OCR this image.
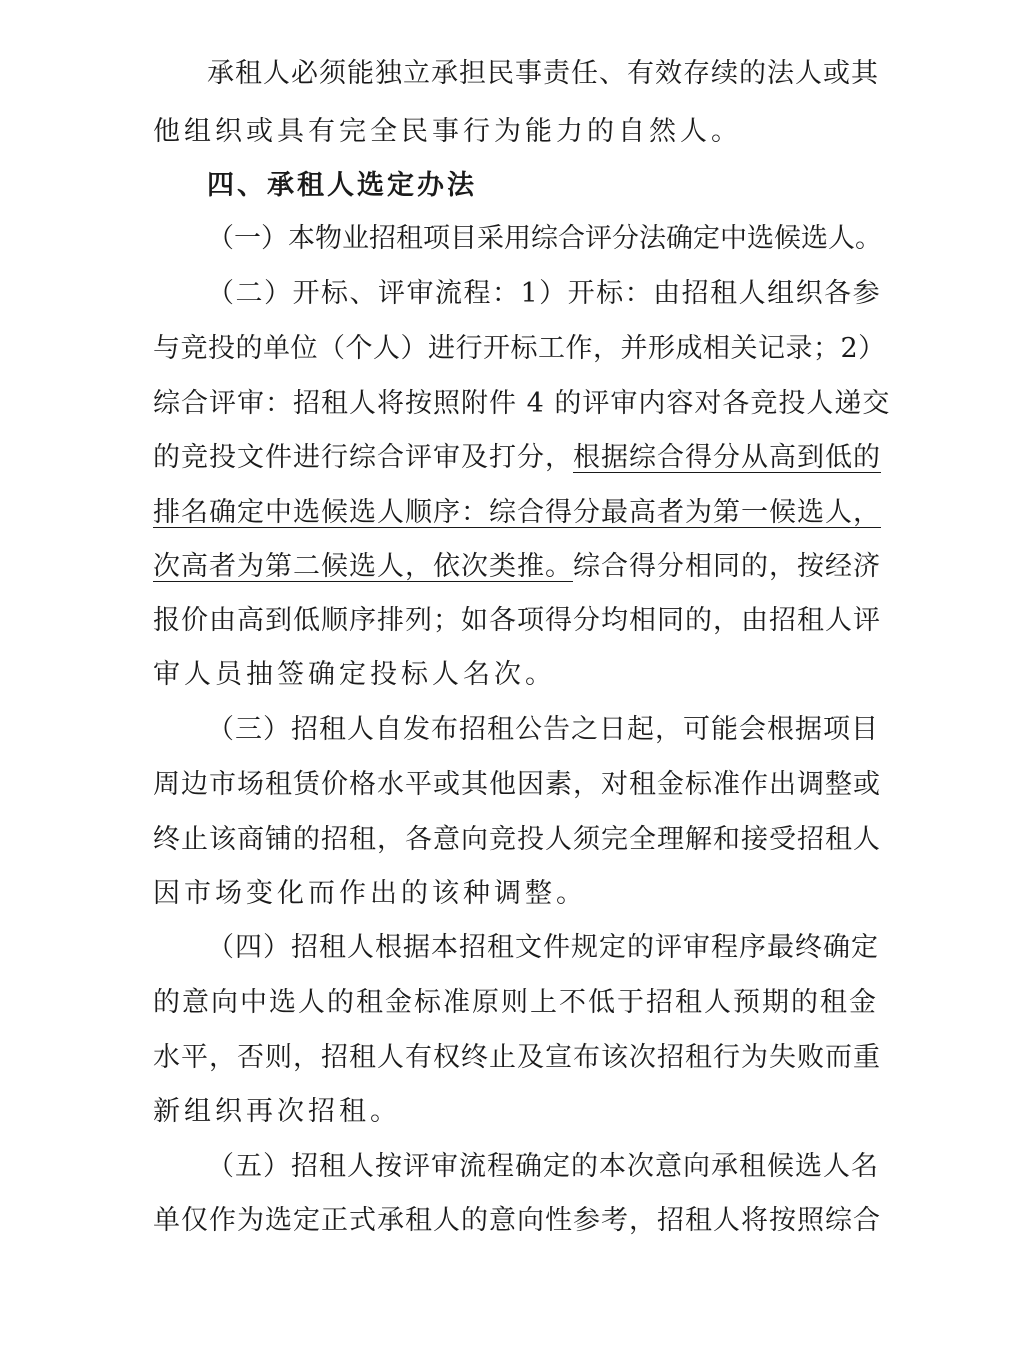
承租人必须能独立承担民事责任、有效存续的法人或其
他组织或具有完全民事行为能力的自然人。
四、承租人选定办法
（一）本物业招租项目采用综合评分法确定中选候选人。
（二）开标、评审流程：1）开标：由招租人组织各参
与竞投的单位（个人）进行开标工作，并形成相关记录；2）
综合评审：招租人将按照附件 4 的评审内容对各竞投人递交
的竞投文件进行综合评审及打分，根据综合得分从高到低的
排名确定中选候选人顺序：综合得分最高者为第一候选人，
次高者为第二候选人，依次类推。综合得分相同的，按经济
报价由高到低顺序排列；如各项得分均相同的，由招租人评
审人员抽签确定投标人名次。
（三）招租人自发布招租公告之日起，可能会根据项目
周边市场租赁价格水平或其他因素，对租金标准作出调整或
终止该商铺的招租，各意向竞投人须完全理解和接受招租人
因市场变化而作出的该种调整。
（四）招租人根据本招租文件规定的评审程序最终确定
的意向中选人的租金标准原则上不低于招租人预期的租金
水平，否则，招租人有权终止及宣布该次招租行为失败而重
新组织再次招租。
（五）招租人按评审流程确定的本次意向承租候选人名
单仅作为选定正式承租人的意向性参考，招租人将按照综合
